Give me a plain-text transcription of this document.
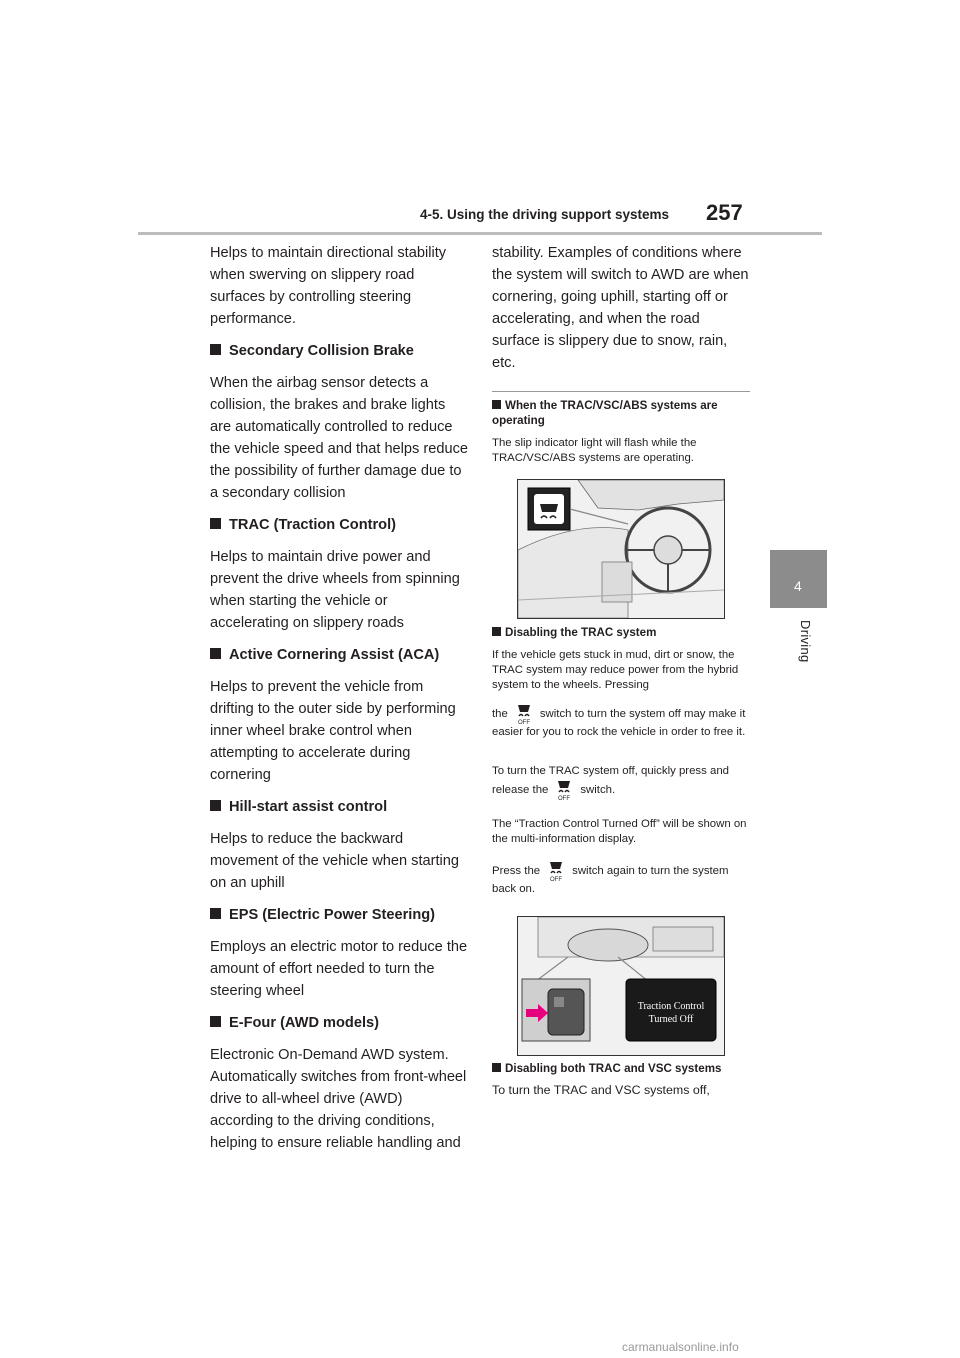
4-5. Using the driving support systems 257
4
Driving

Helps to maintain directional stability when swerving on slippery road surfaces by controlling steering performance.

Secondary Collision Brake

When the airbag sensor detects a collision, the brakes and brake lights are automatically controlled to reduce the vehicle speed and that helps reduce the possibility of further damage due to a secondary collision

TRAC (Traction Control)

Helps to maintain drive power and prevent the drive wheels from spinning when starting the vehicle or accelerating on slippery roads

Active Cornering Assist (ACA)

Helps to prevent the vehicle from drifting to the outer side by performing inner wheel brake control when attempting to accelerate during cornering

Hill-start assist control

Helps to reduce the backward movement of the vehicle when starting on an uphill

EPS (Electric Power Steering)

Employs an electric motor to reduce the amount of effort needed to turn the steering wheel

E-Four (AWD models)

Electronic On-Demand AWD system. Automatically switches from front-wheel drive to all-wheel drive (AWD) according to the driving conditions, helping to ensure reliable handling and

stability. Examples of conditions where the system will switch to AWD are when cornering, going uphill, starting off or accelerating, and when the road surface is slippery due to snow, rain, etc.

When the TRAC/VSC/ABS systems are operating

The slip indicator light will flash while the TRAC/VSC/ABS systems are operating.

Disabling the TRAC system

If the vehicle gets stuck in mud, dirt or snow, the TRAC system may reduce power from the hybrid system to the wheels. Pressing

the
OFF
switch to turn the system off may make it easier for you to rock the vehicle in order to free it.

To turn the TRAC system off, quickly press and release the
OFF
switch.

The “Traction Control Turned Off” will be shown on the multi-information display.

Press the
OFF
switch again to turn the system back on.

Traction Control
Turned Off

Disabling both TRAC and VSC systems

To turn the TRAC and VSC systems off,

carmanualsonline.info
